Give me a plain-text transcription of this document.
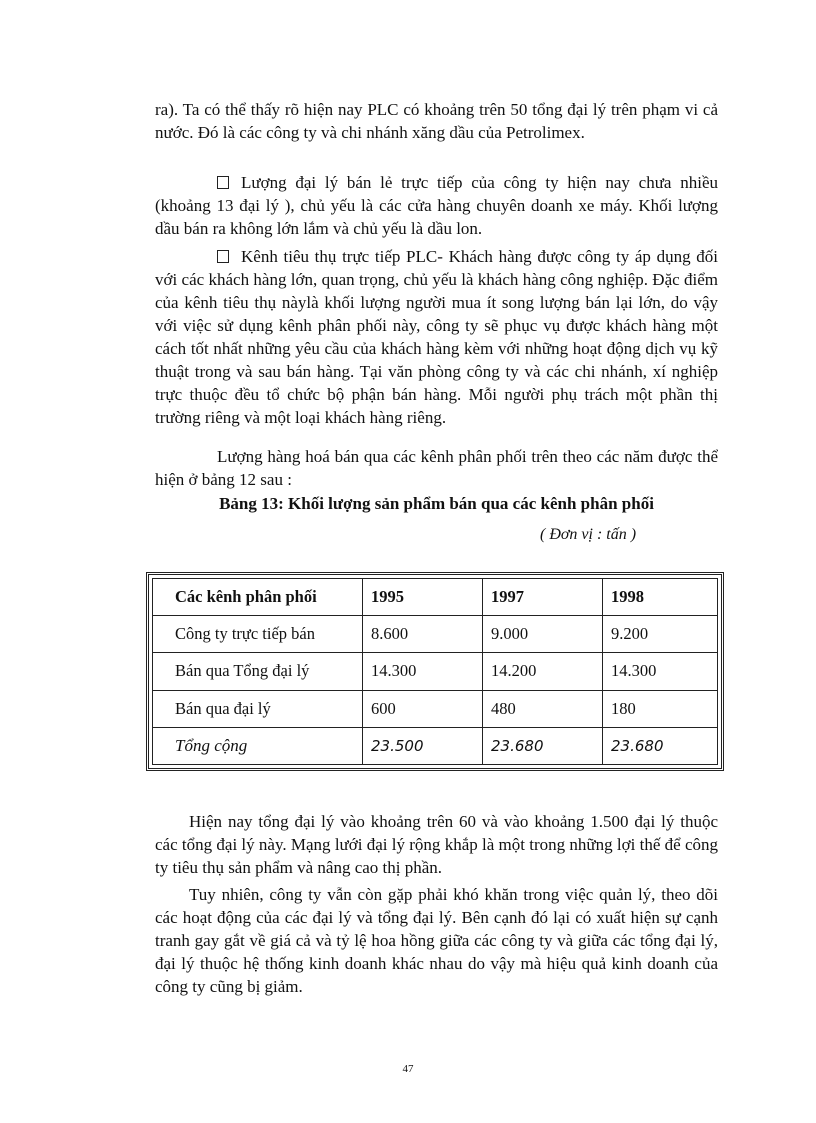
ra). Ta có thể thấy rõ hiện nay PLC có khoảng trên 50 tổng đại lý trên phạm vi cả nước. Đó là các công ty và chi nhánh xăng dầu của Petrolimex.

Lượng đại lý bán lẻ trực tiếp của công ty hiện nay chưa nhiều (khoảng 13 đại lý ), chủ yếu là các cửa hàng chuyên doanh xe máy. Khối lượng dầu bán ra không lớn lắm và chủ yếu là dầu lon.

Kênh tiêu thụ trực tiếp PLC- Khách hàng được công ty áp dụng đối với các khách hàng lớn, quan trọng, chủ yếu là khách hàng công nghiệp. Đặc điểm của kênh tiêu thụ nàylà khối lượng người mua ít song lượng bán lại lớn, do vậy với việc sử dụng kênh phân phối này, công ty sẽ phục vụ được khách hàng một cách tốt nhất những yêu cầu của khách hàng kèm với những hoạt động dịch vụ kỹ thuật trong và sau bán hàng. Tại văn phòng công ty và các chi nhánh, xí nghiệp trực thuộc đều tổ chức bộ phận bán hàng. Mỗi người phụ trách một phần thị trường riêng và một loại khách hàng riêng.

Lượng hàng hoá bán qua các kênh phân phối trên theo các năm được thể hiện ở bảng 12 sau :

Bảng 13: Khối lượng sản phẩm bán qua các kênh phân phối
( Đơn vị : tấn )
Các kênh phân phối	1995	1997	1998
Công ty trực tiếp bán	8.600	9.000	9.200
Bán qua Tổng đại lý	14.300	14.200	14.300
Bán qua đại lý	600	480	180
Tổng cộng	23.500	23.680	23.680

Hiện nay tổng đại lý vào khoảng trên 60 và vào khoảng 1.500 đại lý thuộc các tổng đại lý này. Mạng lưới đại lý rộng khắp là một trong những lợi thế để công ty tiêu thụ sản phẩm và nâng cao thị phần.

Tuy nhiên, công ty vẫn còn gặp phải khó khăn trong việc quản lý, theo dõi các hoạt động của các đại lý và tổng đại lý. Bên cạnh đó lại có xuất hiện sự cạnh tranh gay gắt về giá cả và tỷ lệ hoa hồng giữa các công ty và giữa các tổng đại lý, đại lý thuộc hệ thống kinh doanh khác nhau do vậy mà hiệu quả kinh doanh của công ty cũng bị giảm.

47
